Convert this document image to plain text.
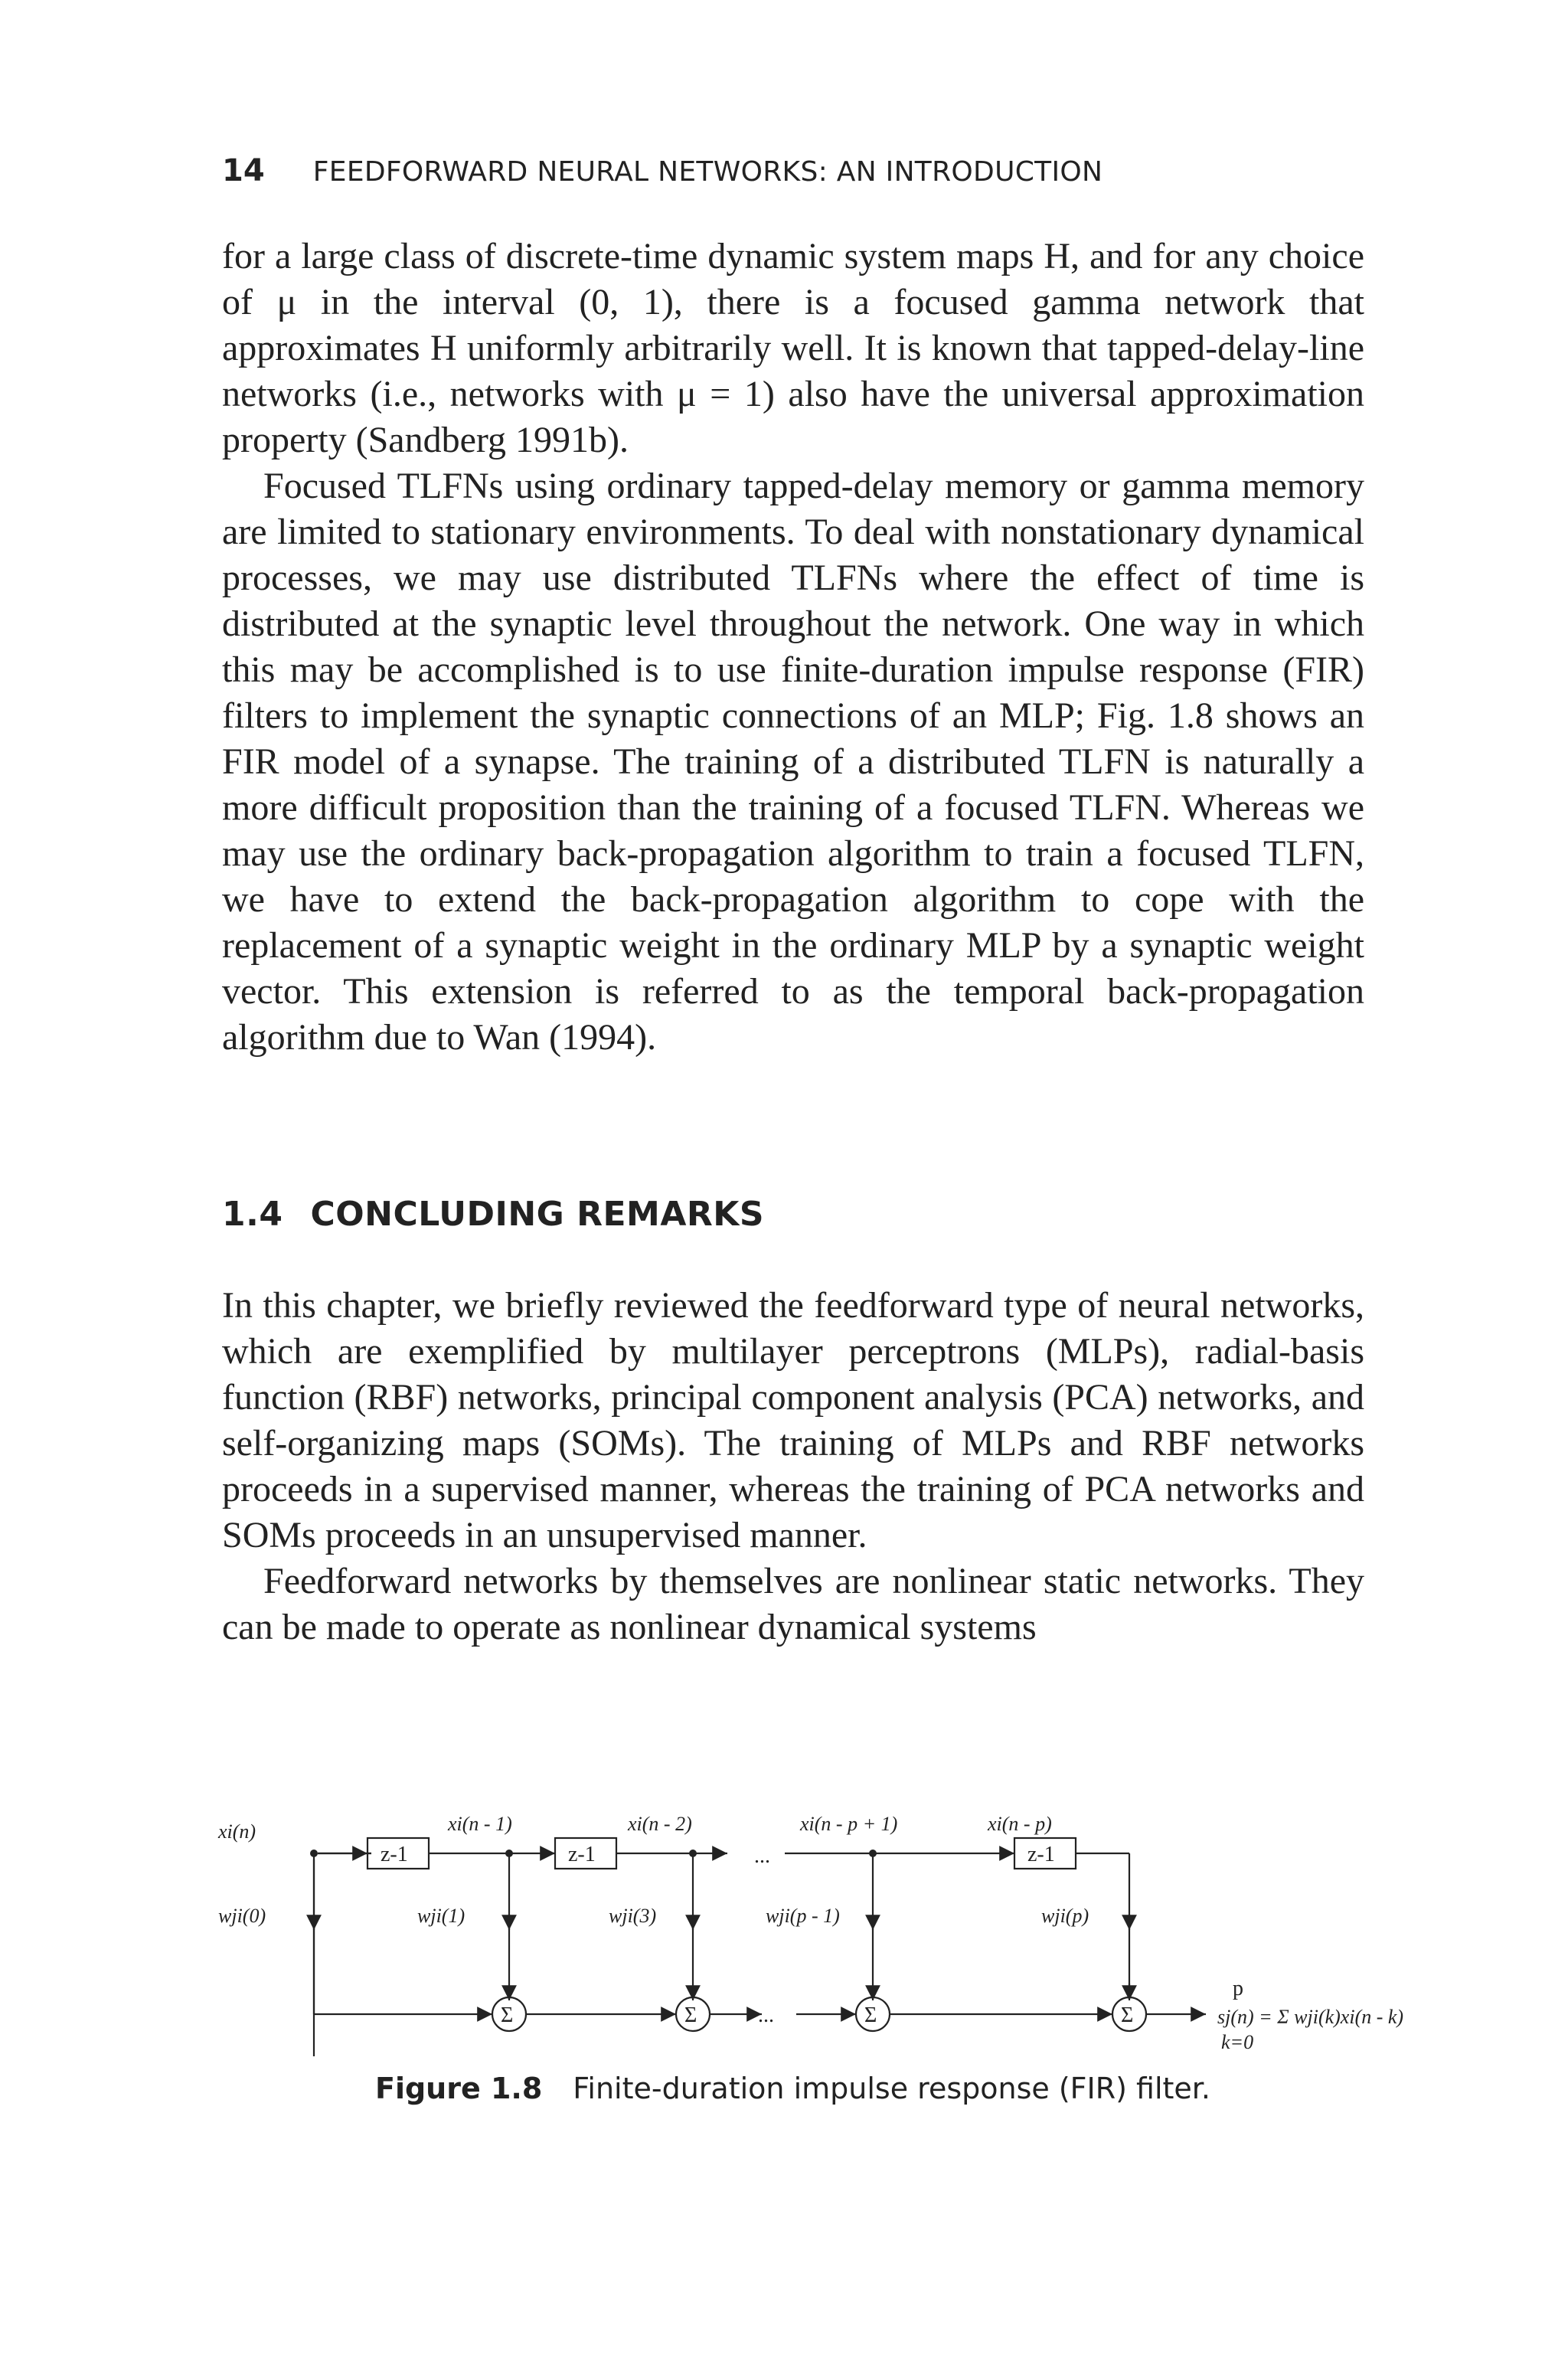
14 FEEDFORWARD NEURAL NETWORKS: AN INTRODUCTION

for a large class of discrete-time dynamic system maps H, and for any choice of μ in the interval (0, 1), there is a focused gamma network that approximates H uniformly arbitrarily well. It is known that tapped-delay-line networks (i.e., networks with μ = 1) also have the universal approximation property (Sandberg 1991b).

Focused TLFNs using ordinary tapped-delay memory or gamma memory are limited to stationary environments. To deal with nonstationary dynamical processes, we may use distributed TLFNs where the effect of time is distributed at the synaptic level throughout the network. One way in which this may be accomplished is to use finite-duration impulse response (FIR) filters to implement the synaptic connections of an MLP; Fig. 1.8 shows an FIR model of a synapse. The training of a distributed TLFN is naturally a more difficult proposition than the training of a focused TLFN. Whereas we may use the ordinary back-propagation algorithm to train a focused TLFN, we have to extend the back-propagation algorithm to cope with the replacement of a synaptic weight in the ordinary MLP by a synaptic weight vector. This extension is referred to as the temporal back-propagation algorithm due to Wan (1994).

1.4 CONCLUDING REMARKS

In this chapter, we briefly reviewed the feedforward type of neural networks, which are exemplified by multilayer perceptrons (MLPs), radial-basis function (RBF) networks, principal component analysis (PCA) networks, and self-organizing maps (SOMs). The training of MLPs and RBF networks proceeds in a supervised manner, whereas the training of PCA networks and SOMs proceeds in an unsupervised manner.

Feedforward networks by themselves are nonlinear static networks. They can be made to operate as nonlinear dynamical systems

xi(n)
z-1	z-1	z-1
xi(n - 1)	xi(n - 2)	xi(n - p + 1)	xi(n - p)
...
wji(0)	wji(1)	wji(3)	wji(p - 1)	wji(p)
Σ	Σ	Σ	Σ
...
p
sj(n) = Σ wji(k)xi(n - k)
k=0
Figure 1.8 Finite-duration impulse response (FIR) filter.
